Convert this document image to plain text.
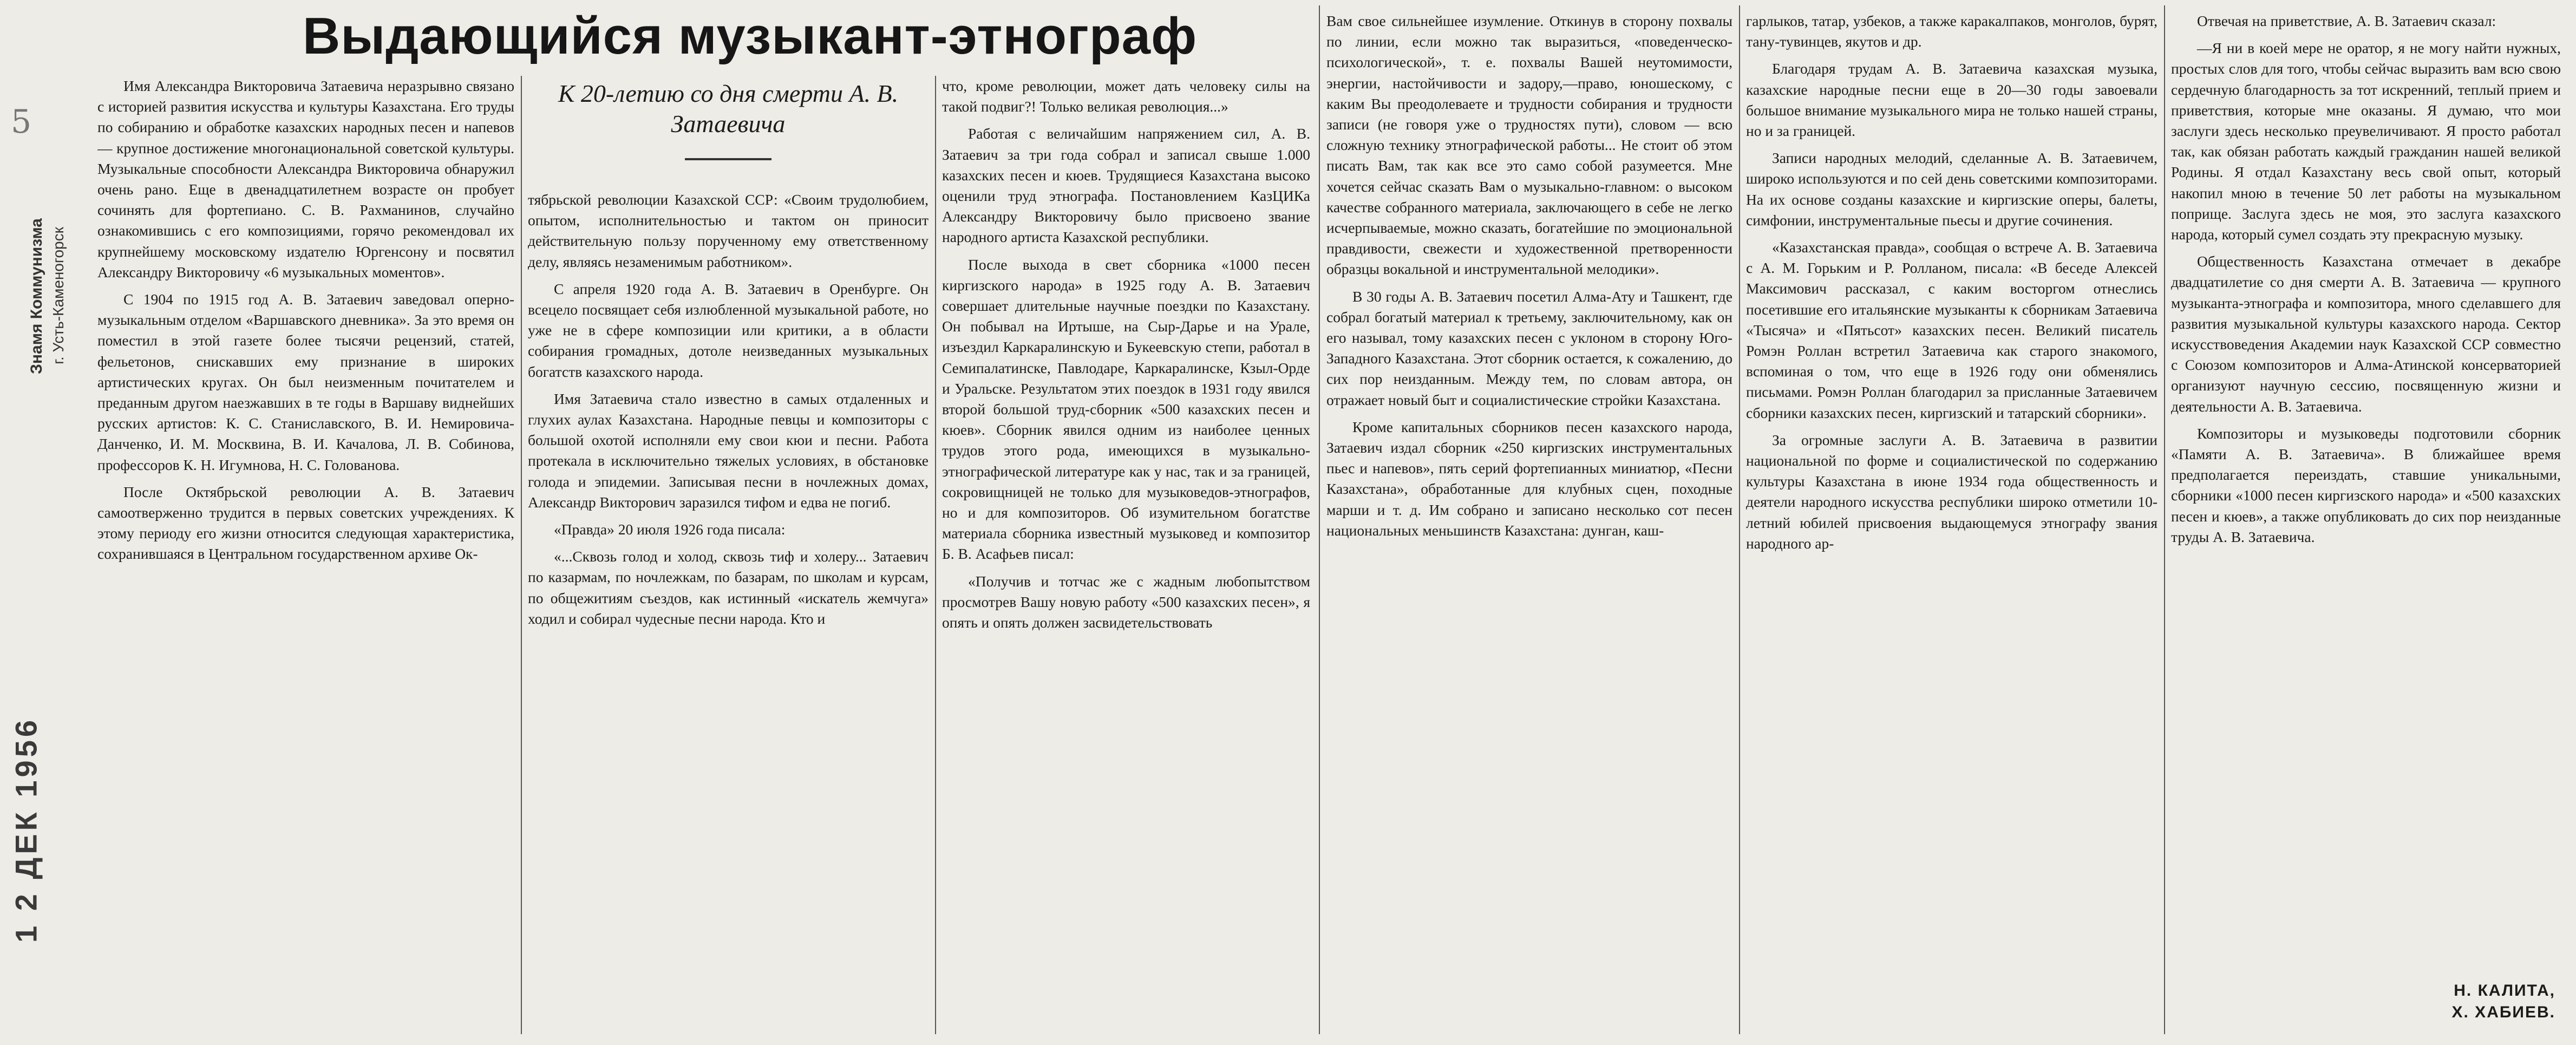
5
Знамя Коммунизма г. Усть-Каменогорск
1 2 ДЕК 1956
Выдающийся музыкант-этнограф

К 20-летию со дня смерти А. В. Затаевича

Имя Александра Викторовича Затаевича неразрывно связано с историей развития искусства и культуры Казахстана. Его труды по собиранию и обработке казахских народных песен и напевов — крупное достижение многонациональной советской культуры. Музыкальные способности Александра Викторовича обнаружил очень рано. Еще в двенадцатилетнем возрасте он пробует сочинять для фортепиано. С. В. Рахманинов, случайно ознакомившись с его композициями, горячо рекомендовал их крупнейшему московскому издателю Юргенсону и посвятил Александру Викторовичу «6 музыкальных моментов».

С 1904 по 1915 год А. В. Затаевич заведовал оперно-музыкальным отделом «Варшавского дневника». За это время он поместил в этой газете более тысячи рецензий, статей, фельетонов, снискавших ему признание в широких артистических кругах. Он был неизменным почитателем и преданным другом наезжавших в те годы в Варшаву виднейших русских артистов: К. С. Станиславского, В. И. Немировича-Данченко, И. М. Москвина, В. И. Качалова, Л. В. Собинова, профессоров К. Н. Игумнова, Н. С. Голованова.

После Октябрьской революции А. В. Затаевич самоотверженно трудится в первых советских учреждениях. К этому периоду его жизни относится следующая характеристика, сохранившаяся в Центральном государственном архиве Ок-

тябрьской революции Казахской ССР: «Своим трудолюбием, опытом, исполнительностью и тактом он приносит действительную пользу порученному ему ответственному делу, являясь незаменимым работником».

С апреля 1920 года А. В. Затаевич в Оренбурге. Он всецело посвящает себя излюбленной музыкальной работе, но уже не в сфере композиции или критики, а в области собирания громадных, дотоле неизведанных музыкальных богатств казахского народа.

Имя Затаевича стало известно в самых отдаленных и глухих аулах Казахстана. Народные певцы и композиторы с большой охотой исполняли ему свои кюи и песни. Работа протекала в исключительно тяжелых условиях, в обстановке голода и эпидемии. Записывая песни в ночлежных домах, Александр Викторович заразился тифом и едва не погиб.

«Правда» 20 июля 1926 года писала:

«...Сквозь голод и холод, сквозь тиф и холеру... Затаевич по казармам, по ночлежкам, по базарам, по школам и курсам, по общежитиям съездов, как истинный «искатель жемчуга» ходил и собирал чудесные песни народа. Кто и

что, кроме революции, может дать человеку силы на такой подвиг?! Только великая революция...»

Работая с величайшим напряжением сил, А. В. Затаевич за три года собрал и записал свыше 1.000 казахских песен и кюев. Трудящиеся Казахстана высоко оценили труд этнографа. Постановлением КазЦИКа Александру Викторовичу было присвоено звание народного артиста Казахской республики.

После выхода в свет сборника «1000 песен киргизского народа» в 1925 году А. В. Затаевич совершает длительные научные поездки по Казахстану. Он побывал на Иртыше, на Сыр-Дарье и на Урале, изъездил Каркаралинскую и Букеевскую степи, работал в Семипалатинске, Павлодаре, Каркаралинске, Кзыл-Орде и Уральске. Результатом этих поездок в 1931 году явился второй большой труд-сборник «500 казахских песен и кюев». Сборник явился одним из наиболее ценных трудов этого рода, имеющихся в музыкально-этнографической литературе как у нас, так и за границей, сокровищницей не только для музыковедов-этнографов, но и для композиторов. Об изумительном богатстве материала сборника известный музыковед и композитор Б. В. Асафьев писал:

«Получив и тотчас же с жадным любопытством просмотрев Вашу новую работу «500 казахских песен», я опять и опять должен засвидетельствовать

Вам свое сильнейшее изумление. Откинув в сторону похвалы по линии, если можно так выразиться, «поведенческо-психологической», т. е. похвалы Вашей неутомимости, энергии, настойчивости и задору,—право, юношескому, с каким Вы преодолеваете и трудности собирания и трудности записи (не говоря уже о трудностях пути), словом — всю сложную технику этнографической работы... Не стоит об этом писать Вам, так как все это само собой разумеется. Мне хочется сейчас сказать Вам о музыкально-главном: о высоком качестве собранного материала, заключающего в себе не легко исчерпываемые, можно сказать, богатейшие по эмоциональной правдивости, свежести и художественной претворенности образцы вокальной и инструментальной мелодики».

В 30 годы А. В. Затаевич посетил Алма-Ату и Ташкент, где собрал богатый материал к третьему, заключительному, как он его называл, тому казахских песен с уклоном в сторону Юго-Западного Казахстана. Этот сборник остается, к сожалению, до сих пор неизданным. Между тем, по словам автора, он отражает новый быт и социалистические стройки Казахстана.

Кроме капитальных сборников песен казахского народа, Затаевич издал сборник «250 киргизских инструментальных пьес и напевов», пять серий фортепианных миниатюр, «Песни Казахстана», обработанные для клубных сцен, походные марши и т. д. Им собрано и записано несколько сот песен национальных меньшинств Казахстана: дунган, каш-

гарлыков, татар, узбеков, а также каракалпаков, монголов, бурят, тану-тувинцев, якутов и др.

Благодаря трудам А. В. Затаевича казахская музыка, казахские народные песни еще в 20—30 годы завоевали большое внимание музыкального мира не только нашей страны, но и за границей.

Записи народных мелодий, сделанные А. В. Затаевичем, широко используются и по сей день советскими композиторами. На их основе созданы казахские и киргизские оперы, балеты, симфонии, инструментальные пьесы и другие сочинения.

«Казахстанская правда», сообщая о встрече А. В. Затаевича с А. М. Горьким и Р. Ролланом, писала: «В беседе Алексей Максимович рассказал, с каким восторгом отнеслись посетившие его итальянские музыканты к сборникам Затаевича «Тысяча» и «Пятьсот» казахских песен. Великий писатель Ромэн Роллан встретил Затаевича как старого знакомого, вспоминая о том, что еще в 1926 году они обменялись письмами. Ромэн Роллан благодарил за присланные Затаевичем сборники казахских песен, киргизский и татарский сборники».

За огромные заслуги А. В. Затаевича в развитии национальной по форме и социалистической по содержанию культуры Казахстана в июне 1934 года общественность и деятели народного искусства республики широко отметили 10-летний юбилей присвоения выдающемуся этнографу звания народного ар-

Отвечая на приветствие, А. В. Затаевич сказал:

—Я ни в коей мере не оратор, я не могу найти нужных, простых слов для того, чтобы сейчас выразить вам всю свою сердечную благодарность за тот искренний, теплый прием и приветствия, которые мне оказаны. Я думаю, что мои заслуги здесь несколько преувеличивают. Я просто работал так, как обязан работать каждый гражданин нашей великой Родины. Я отдал Казахстану весь свой опыт, который накопил мною в течение 50 лет работы на музыкальном поприще. Заслуга здесь не моя, это заслуга казахского народа, который сумел создать эту прекрасную музыку.

Общественность Казахстана отмечает в декабре двадцатилетие со дня смерти А. В. Затаевича — крупного музыканта-этнографа и композитора, много сделавшего для развития музыкальной культуры казахского народа. Сектор искусствоведения Академии наук Казахской ССР совместно с Союзом композиторов и Алма-Атинской консерваторией организуют научную сессию, посвященную жизни и деятельности А. В. Затаевича.

Композиторы и музыковеды подготовили сборник «Памяти А. В. Затаевича». В ближайшее время предполагается переиздать, ставшие уникальными, сборники «1000 песен киргизского народа» и «500 казахских песен и кюев», а также опубликовать до сих пор неизданные труды А. В. Затаевича.

Н. КАЛИТА,
Х. ХАБИЕВ.
